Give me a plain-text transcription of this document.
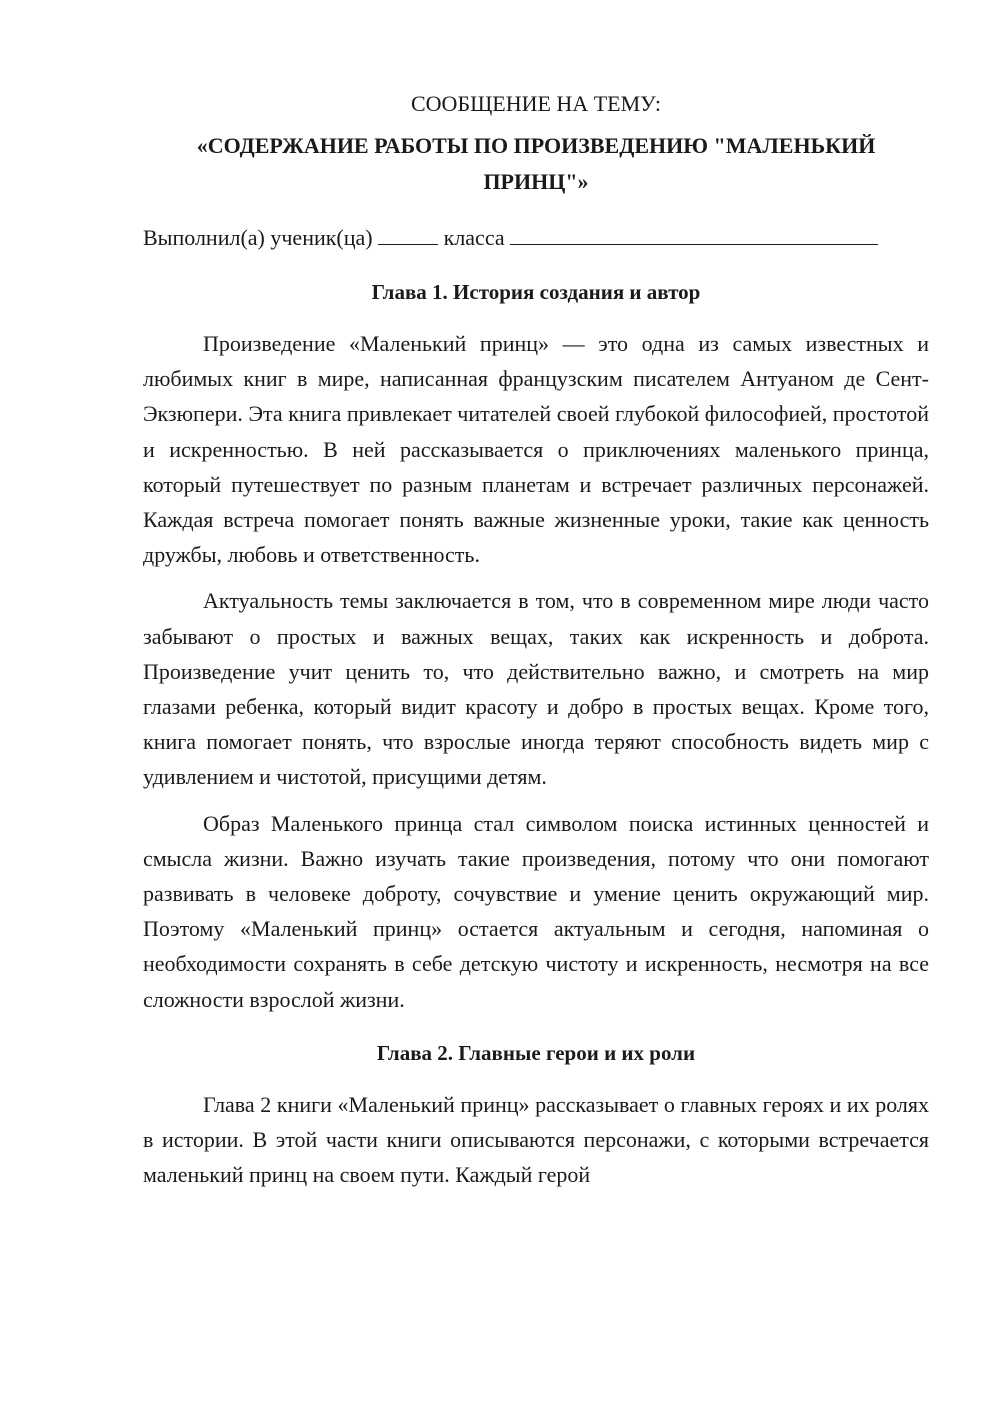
СООБЩЕНИЕ НА ТЕМУ:

«СОДЕРЖАНИЕ РАБОТЫ ПО ПРОИЗВЕДЕНИЮ "МАЛЕНЬКИЙ ПРИНЦ"»

Выполнил(а) ученик(ца)	класса

Глава 1. История создания и автор

Произведение «Маленький принц» — это одна из самых известных и любимых книг в мире, написанная французским писателем Антуаном де Сент-Экзюпери. Эта книга привлекает читателей своей глубокой философией, простотой и искренностью. В ней рассказывается о приключениях маленького принца, который путешествует по разным планетам и встречает различных персонажей. Каждая встреча помогает понять важные жизненные уроки, такие как ценность дружбы, любовь и ответственность.

Актуальность темы заключается в том, что в современном мире люди часто забывают о простых и важных вещах, таких как искренность и доброта. Произведение учит ценить то, что действительно важно, и смотреть на мир глазами ребенка, который видит красоту и добро в простых вещах. Кроме того, книга помогает понять, что взрослые иногда теряют способность видеть мир с удивлением и чистотой, присущими детям.

Образ Маленького принца стал символом поиска истинных ценностей и смысла жизни. Важно изучать такие произведения, потому что они помогают развивать в человеке доброту, сочувствие и умение ценить окружающий мир. Поэтому «Маленький принц» остается актуальным и сегодня, напоминая о необходимости сохранять в себе детскую чистоту и искренность, несмотря на все сложности взрослой жизни.

Глава 2. Главные герои и их роли

Глава 2 книги «Маленький принц» рассказывает о главных героях и их ролях в истории. В этой части книги описываются персонажи, с которыми встречается маленький принц на своем пути. Каждый герой
